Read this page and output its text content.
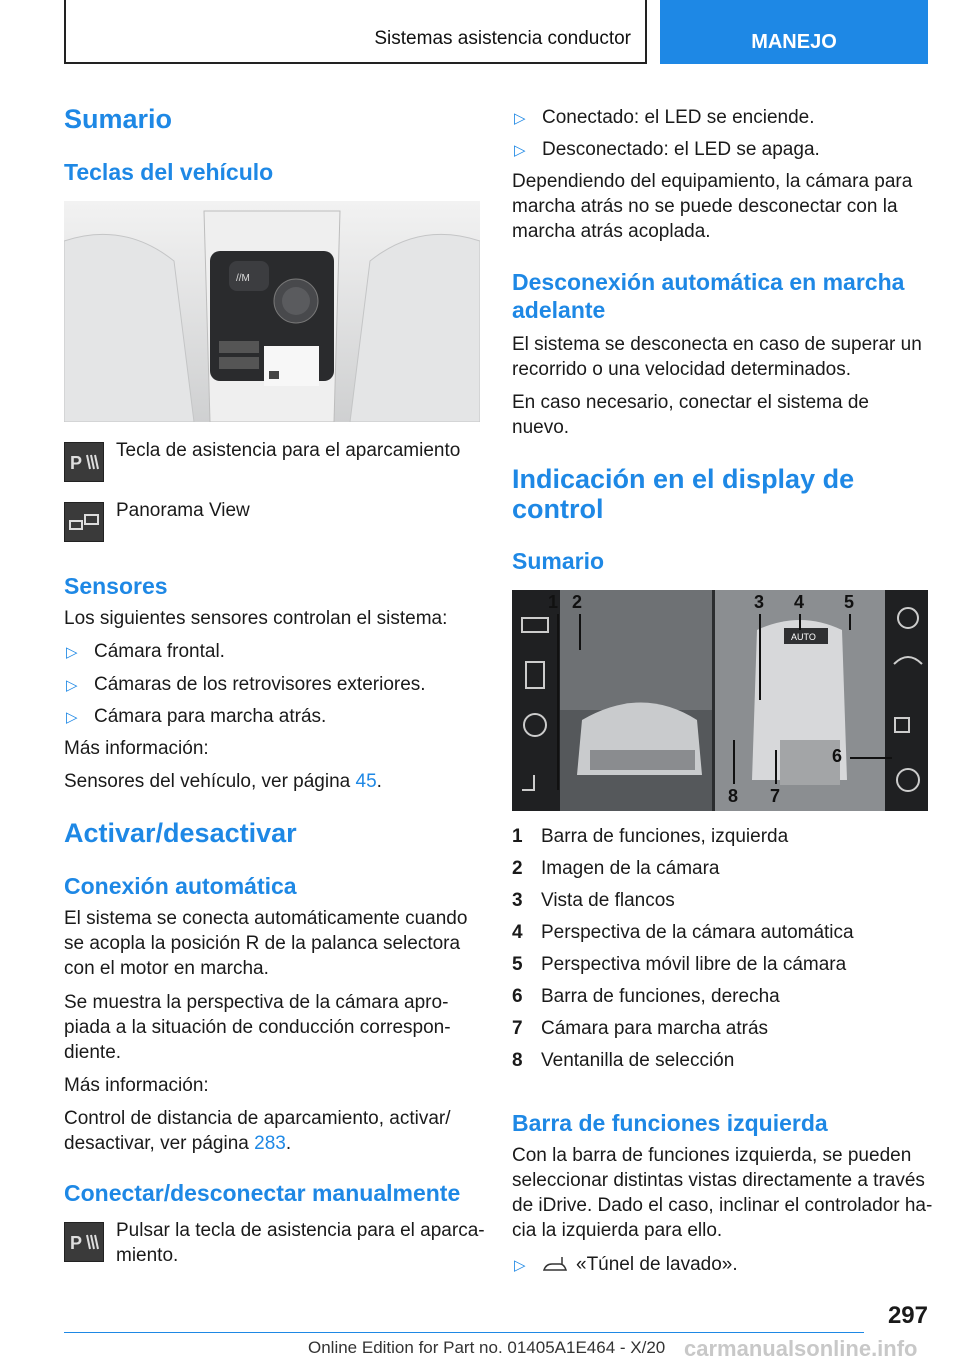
Sistemas asistencia conductor	MANEJO
Sumario
Teclas del vehículo
//M
P
Tecla de asistencia para el aparcamiento
Panorama View
Sensores
Los siguientes sensores controlan el sistema:
▷ Cámara frontal.
▷ Cámaras de los retrovisores exteriores.
▷ Cámara para marcha atrás.
Más información:
Sensores del vehículo, ver página 45.
Activar/desactivar
Conexión automática
El sistema se conecta automáticamente cuando
se acopla la posición R de la palanca selectora
con el motor en marcha.
Se muestra la perspectiva de la cámara apro-
piada a la situación de conducción correspon-
diente.
Más información:
Control de distancia de aparcamiento, activar/
desactivar, ver página 283.
Conectar/desconectar manualmente
P
Pulsar la tecla de asistencia para el aparca-
miento.
▷ Conectado: el LED se enciende.
▷ Desconectado: el LED se apaga.
Dependiendo del equipamiento, la cámara para
marcha atrás no se puede desconectar con la
marcha atrás acoplada.
Desconexión automática en marcha
adelante
El sistema se desconecta en caso de superar un
recorrido o una velocidad determinados.
En caso necesario, conectar el sistema de
nuevo.
Indicación en el display de
control
Sumario
AUTO
1 2	3 4 5
6
7
8
1 Barra de funciones, izquierda
2 Imagen de la cámara
3 Vista de flancos
4 Perspectiva de la cámara automática
5 Perspectiva móvil libre de la cámara
6 Barra de funciones, derecha
7 Cámara para marcha atrás
8 Ventanilla de selección
Barra de funciones izquierda
Con la barra de funciones izquierda, se pueden
seleccionar distintas vistas directamente a través
de iDrive. Dado el caso, inclinar el controlador ha-
cia la izquierda para ello.
▷	«Túnel de lavado».
297
Online Edition for Part no. 01405A1E464 - X/20 carmanualsonline.info
